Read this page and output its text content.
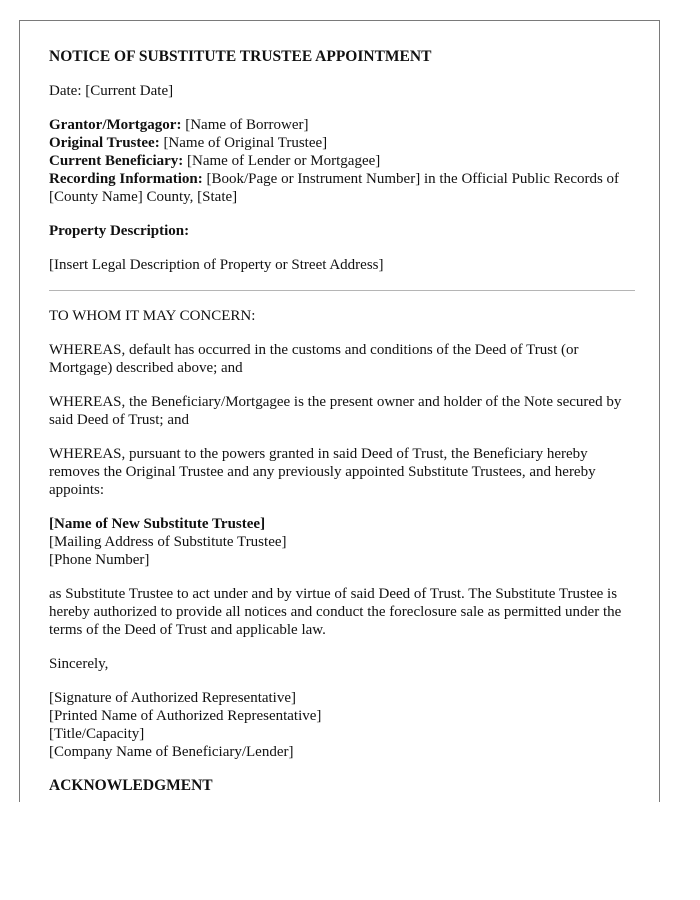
NOTICE OF SUBSTITUTE TRUSTEE APPOINTMENT

Date: [Current Date]

Grantor/Mortgagor: [Name of Borrower]
Original Trustee: [Name of Original Trustee]
Current Beneficiary: [Name of Lender or Mortgagee]
Recording Information: [Book/Page or Instrument Number] in the Official Public Records of [County Name] County, [State]

Property Description:

[Insert Legal Description of Property or Street Address]

TO WHOM IT MAY CONCERN:

WHEREAS, default has occurred in the customs and conditions of the Deed of Trust (or Mortgage) described above; and

WHEREAS, the Beneficiary/Mortgagee is the present owner and holder of the Note secured by said Deed of Trust; and

WHEREAS, pursuant to the powers granted in said Deed of Trust, the Beneficiary hereby removes the Original Trustee and any previously appointed Substitute Trustees, and hereby appoints:

[Name of New Substitute Trustee]
[Mailing Address of Substitute Trustee]
[Phone Number]

as Substitute Trustee to act under and by virtue of said Deed of Trust. The Substitute Trustee is hereby authorized to provide all notices and conduct the foreclosure sale as permitted under the terms of the Deed of Trust and applicable law.

Sincerely,

[Signature of Authorized Representative]
[Printed Name of Authorized Representative]
[Title/Capacity]
[Company Name of Beneficiary/Lender]
ACKNOWLEDGMENT
